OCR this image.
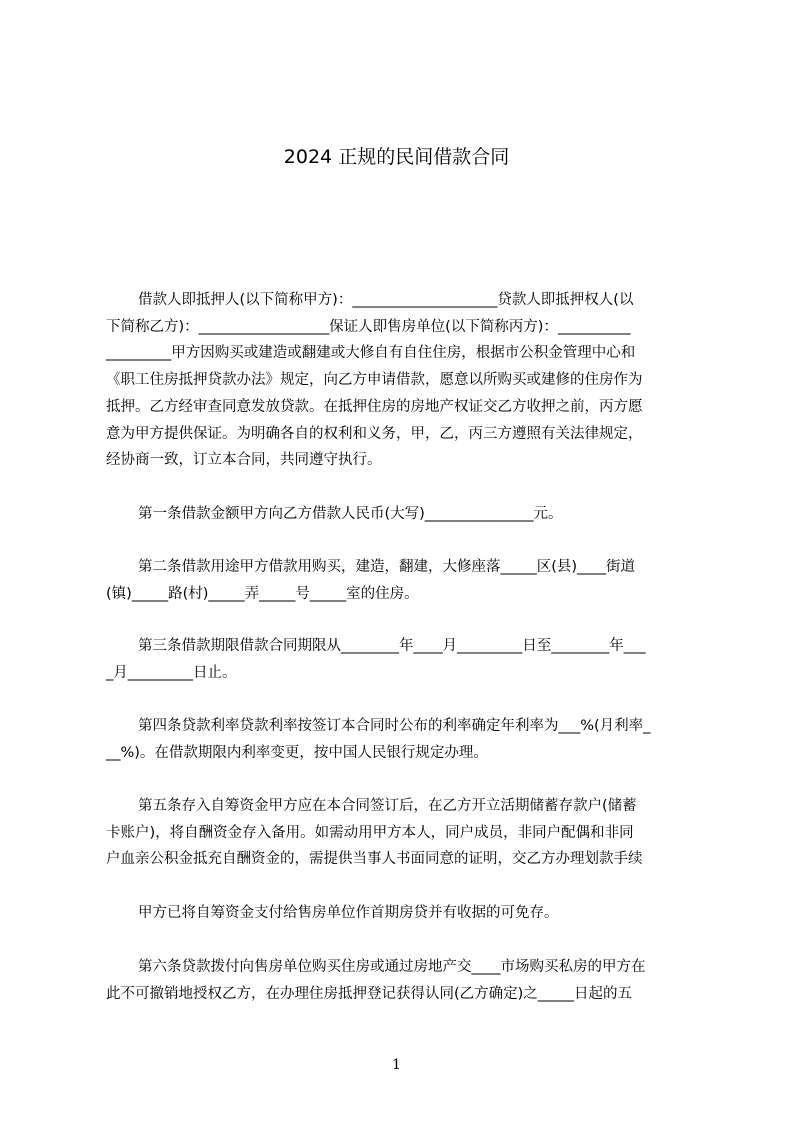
2024 正规的民间借款合同
借款人即抵押人(以下简称甲方)：____________________贷款人即抵押权人(以
下简称乙方)：__________________保证人即售房单位(以下简称丙方)：__________
_________甲方因购买或建造或翻建或大修自有自住住房，根据市公积金管理中心和
《职工住房抵押贷款办法》规定，向乙方申请借款，愿意以所购买或建修的住房作为
抵押。乙方经审查同意发放贷款。在抵押住房的房地产权证交乙方收押之前，丙方愿
意为甲方提供保证。为明确各自的权利和义务，甲，乙，丙三方遵照有关法律规定，
经协商一致，订立本合同，共同遵守执行。
第一条借款金额甲方向乙方借款人民币(大写)_______________元。
第二条借款用途甲方借款用购买，建造，翻建，大修座落_____区(县)____街道
(镇)_____路(村)_____弄_____号_____室的住房。
第三条借款期限借款合同期限从________年____月_________日至________年___
_月_________日止。
第四条贷款利率贷款利率按签订本合同时公布的利率确定年利率为___%(月利率_
__%)。在借款期限内利率变更，按中国人民银行规定办理。
第五条存入自筹资金甲方应在本合同签订后，在乙方开立活期储蓄存款户(储蓄
卡账户)，将自酬资金存入备用。如需动用甲方本人，同户成员，非同户配偶和非同
户血亲公积金抵充自酬资金的，需提供当事人书面同意的证明，交乙方办理划款手续
甲方已将自筹资金支付给售房单位作首期房贷并有收据的可免存。
第六条贷款拨付向售房单位购买住房或通过房地产交____市场购买私房的甲方在
此不可撤销地授权乙方，在办理住房抵押登记获得认同(乙方确定)之_____日起的五
1
